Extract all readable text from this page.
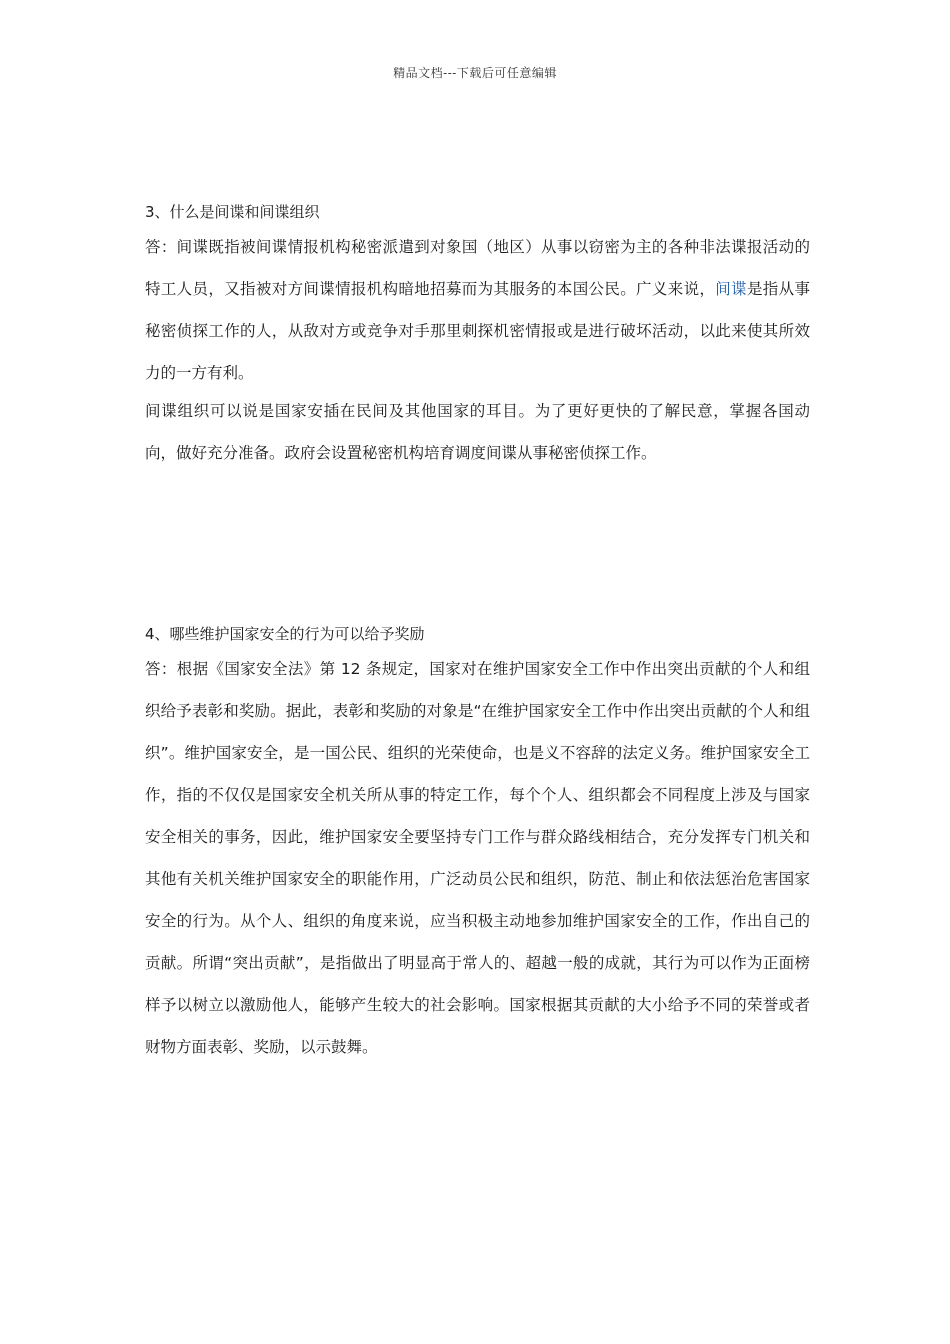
精品文档---下载后可任意编辑
3、什么是间谍和间谍组织

答：间谍既指被间谍情报机构秘密派遣到对象国（地区）从事以窃密为主的各种非法谍报活动的特工人员，又指被对方间谍情报机构暗地招募而为其服务的本国公民。广义来说，间谍是指从事秘密侦探工作的人，从敌对方或竞争对手那里刺探机密情报或是进行破坏活动，以此来使其所效力的一方有利。

间谍组织可以说是国家安插在民间及其他国家的耳目。为了更好更快的了解民意，掌握各国动向，做好充分准备。政府会设置秘密机构培育调度间谍从事秘密侦探工作。

4、哪些维护国家安全的行为可以给予奖励

答：根据《国家安全法》第 12 条规定，国家对在维护国家安全工作中作出突出贡献的个人和组织给予表彰和奖励。据此，表彰和奖励的对象是“在维护国家安全工作中作出突出贡献的个人和组织”。维护国家安全，是一国公民、组织的光荣使命，也是义不容辞的法定义务。维护国家安全工作，指的不仅仅是国家安全机关所从事的特定工作，每个个人、组织都会不同程度上涉及与国家安全相关的事务，因此，维护国家安全要坚持专门工作与群众路线相结合，充分发挥专门机关和其他有关机关维护国家安全的职能作用，广泛动员公民和组织，防范、制止和依法惩治危害国家安全的行为。从个人、组织的角度来说，应当积极主动地参加维护国家安全的工作，作出自己的贡献。所谓“突出贡献”，是指做出了明显高于常人的、超越一般的成就，其行为可以作为正面榜样予以树立以激励他人，能够产生较大的社会影响。国家根据其贡献的大小给予不同的荣誉或者财物方面表彰、奖励，以示鼓舞。
